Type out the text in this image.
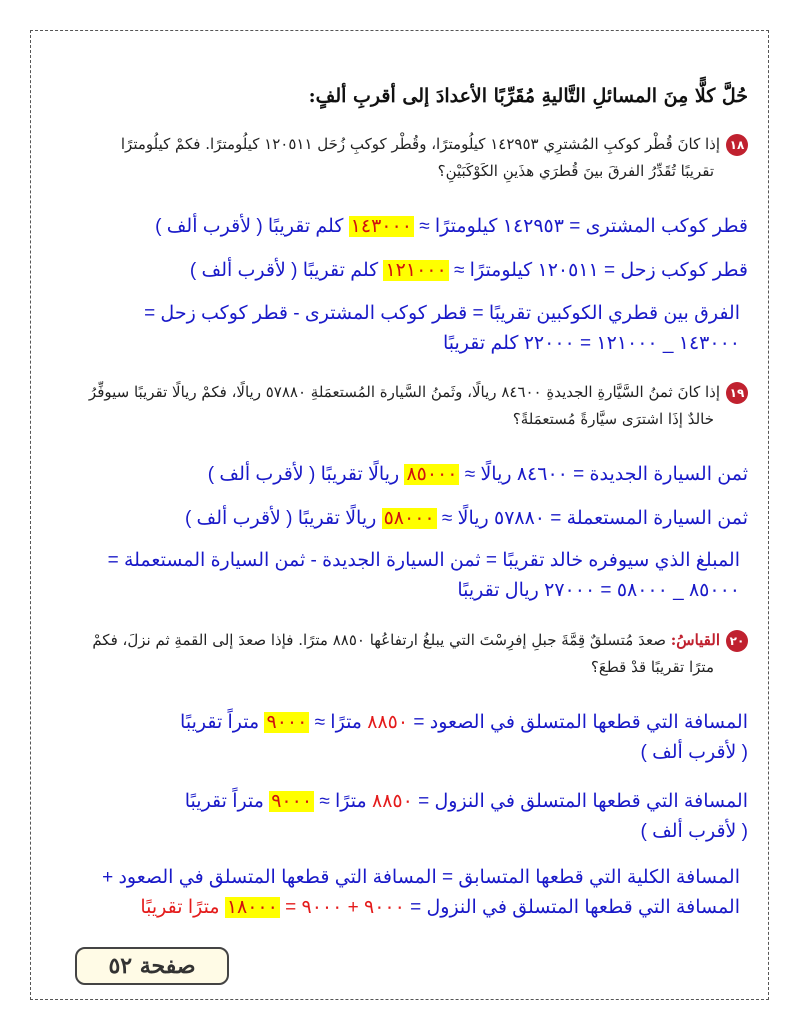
حُلَّ كلًّا مِنَ المسائلِ التَّاليةِ مُقَرِّبًا الأعدادَ إلى أقربِ ألفٍ:
١٨إذا كانَ قُطْر كوكبِ المُشترِي ١٤٢٩٥٣ كيلُومترًا، وقُطْر كوكبِ زُحَل ١٢٠٥١١ كيلُومترًا. فكمْ كيلُومترًا
تقريبًا تُقَدِّرُ الفرقَ بينَ قُطرَي هذَينِ الكَوْكَبَيْنِ؟
قطر كوكب المشترى = ١٤٢٩٥٣ كيلومترًا ≈ ١٤٣٠٠٠ كلم تقريبًا ( لأقرب ألف )
قطر كوكب زحل = ١٢٠٥١١ كيلومترًا ≈ ١٢١٠٠٠ كلم تقريبًا ( لأقرب ألف )
الفرق بين قطري الكوكبين تقريبًا = قطر كوكب المشترى - قطر كوكب زحل =
١٤٣٠٠٠ _ ١٢١٠٠٠ = ٢٢٠٠٠ كلم تقريبًا
١٩إذا كانَ ثمنُ السَّيَّارةِ الجديدةِ ٨٤٦٠٠ ريالًا، وثَمنُ السَّيارة المُستعمَلةِ ٥٧٨٨٠ ريالًا، فكمْ ريالًا تقريبًا سيوفِّرُ
خالدٌ إذَا اشترَى سيَّارةً مُستعمَلةً؟
ثمن السيارة الجديدة = ٨٤٦٠٠ ريالًا ≈ ٨٥٠٠٠ ريالًا تقريبًا ( لأقرب ألف )
ثمن السيارة المستعملة = ٥٧٨٨٠ ريالًا ≈ ٥٨٠٠٠ ريالًا تقريبًا ( لأقرب ألف )
المبلغ الذي سيوفره خالد تقريبًا = ثمن السيارة الجديدة - ثمن السيارة المستعملة =
٨٥٠٠٠ _ ٥٨٠٠٠ = ٢٧٠٠٠ ريال تقريبًا
٢٠القياسُ: صعدَ مُتسلقٌ قِمَّةَ جبلِ إفرِسْتَ التي يبلغُ ارتفاعُها ٨٨٥٠ مترًا. فإذا صعدَ إلى القمةِ ثم نزلَ، فكمْ
مترًا تقريبًا قدْ قطعَ؟
المسافة التي قطعها المتسلق في الصعود = ٨٨٥٠ مترًا ≈ ٩٠٠٠ متراً تقريبًا
( لأقرب ألف )
المسافة التي قطعها المتسلق في النزول = ٨٨٥٠ مترًا ≈ ٩٠٠٠ متراً تقريبًا
( لأقرب ألف )
المسافة الكلية التي قطعها المتسابق = المسافة التي قطعها المتسلق في الصعود +
المسافة التي قطعها المتسلق في النزول = ٩٠٠٠ + ٩٠٠٠ = ١٨٠٠٠ مترًا تقريبًا
صفحة ٥٢
